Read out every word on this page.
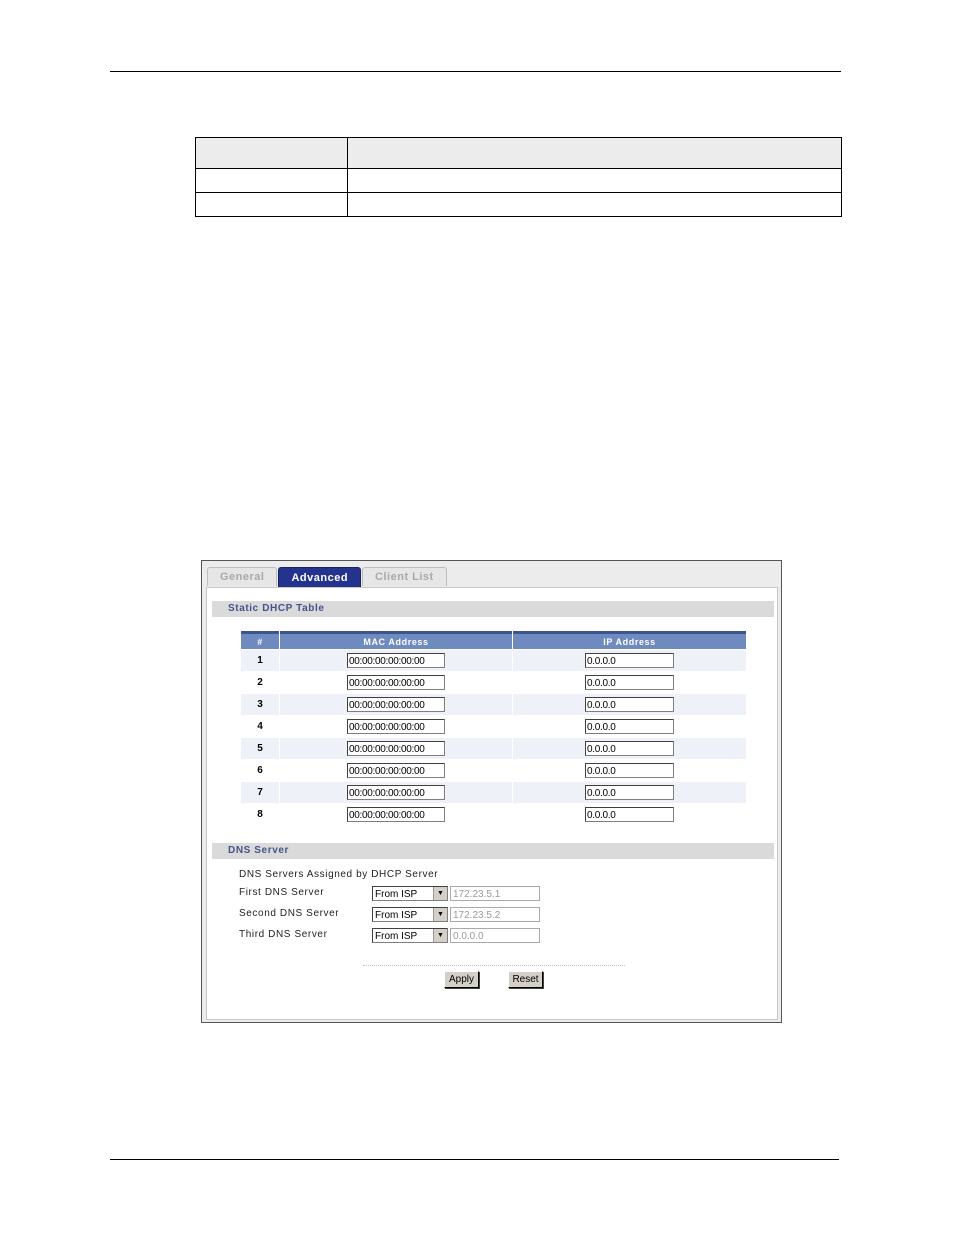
General	Advanced	Client List
Static DHCP Table
#	MAC Address	IP Address
1	00:00:00:00:00:00	0.0.0.0
2	00:00:00:00:00:00	0.0.0.0
3	00:00:00:00:00:00	0.0.0.0
4	00:00:00:00:00:00	0.0.0.0
5	00:00:00:00:00:00	0.0.0.0
6	00:00:00:00:00:00	0.0.0.0
7	00:00:00:00:00:00	0.0.0.0
8	00:00:00:00:00:00	0.0.0.0
DNS Server
DNS Servers Assigned by DHCP Server
First DNS Server	From ISP	▼ 172.23.5.1
Second DNS Server	From ISP	▼ 172.23.5.2
Third DNS Server	From ISP	▼ 0.0.0.0
Apply	Reset
